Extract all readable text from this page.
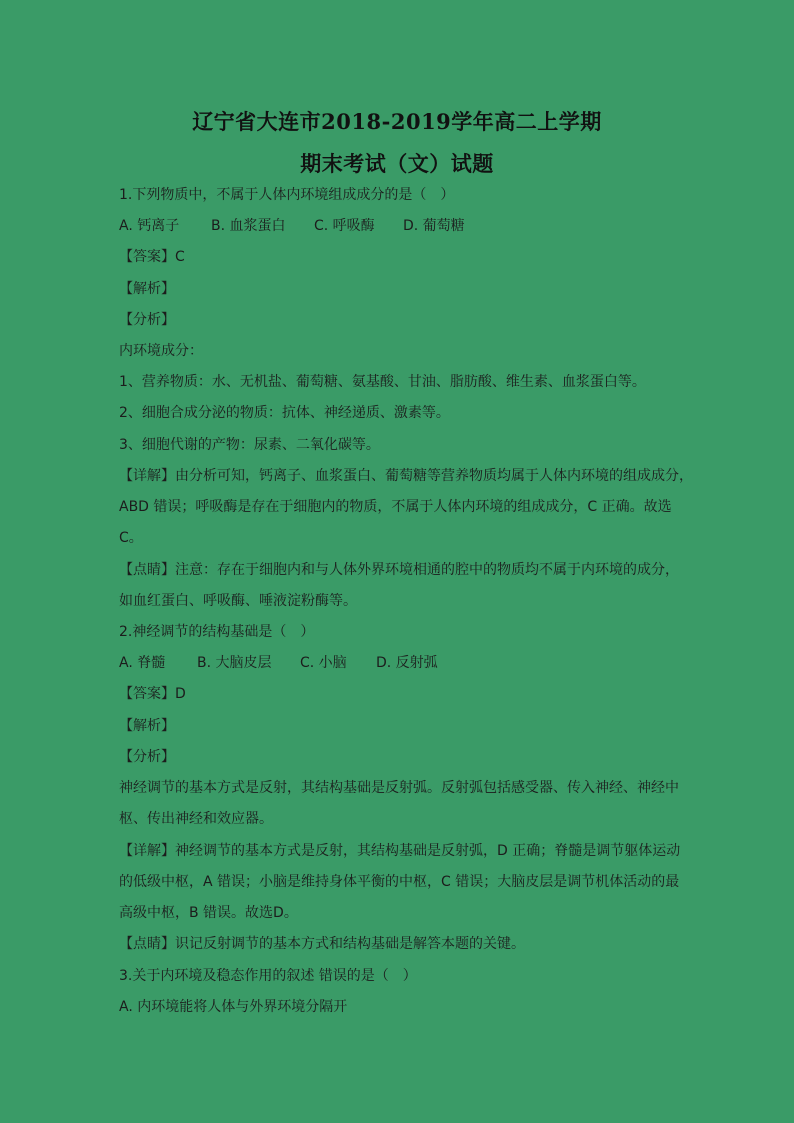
辽宁省大连市2018-2019学年高二上学期
期末考试（文）试题
1.下列物质中，不属于人体内环境组成成分的是（　）
A. 钙离子 B. 血浆蛋白 C. 呼吸酶 D. 葡萄糖
【答案】C
【解析】
【分析】
内环境成分：
1、营养物质：水、无机盐、葡萄糖、氨基酸、甘油、脂肪酸、维生素、血浆蛋白等。
2、细胞合成分泌的物质：抗体、神经递质、激素等。
3、细胞代谢的产物：尿素、二氧化碳等。
【详解】由分析可知，钙离子、血浆蛋白、葡萄糖等营养物质均属于人体内环境的组成成分，
ABD 错误；呼吸酶是存在于细胞内的物质，不属于人体内环境的组成成分，C 正确。故选
C。
【点睛】注意：存在于细胞内和与人体外界环境相通的腔中的物质均不属于内环境的成分，
如血红蛋白、呼吸酶、唾液淀粉酶等。
2.神经调节的结构基础是（　）
A. 脊髓 B. 大脑皮层 C. 小脑 D. 反射弧
【答案】D
【解析】
【分析】
神经调节的基本方式是反射，其结构基础是反射弧。反射弧包括感受器、传入神经、神经中
枢、传出神经和效应器。
【详解】神经调节的基本方式是反射，其结构基础是反射弧，D 正确；脊髓是调节躯体运动
的低级中枢，A 错误；小脑是维持身体平衡的中枢，C 错误；大脑皮层是调节机体活动的最
高级中枢，B 错误。故选D。
【点睛】识记反射调节的基本方式和结构基础是解答本题的关键。
3.关于内环境及稳态作用的叙述 错误的是（　）
A. 内环境能将人体与外界环境分隔开
